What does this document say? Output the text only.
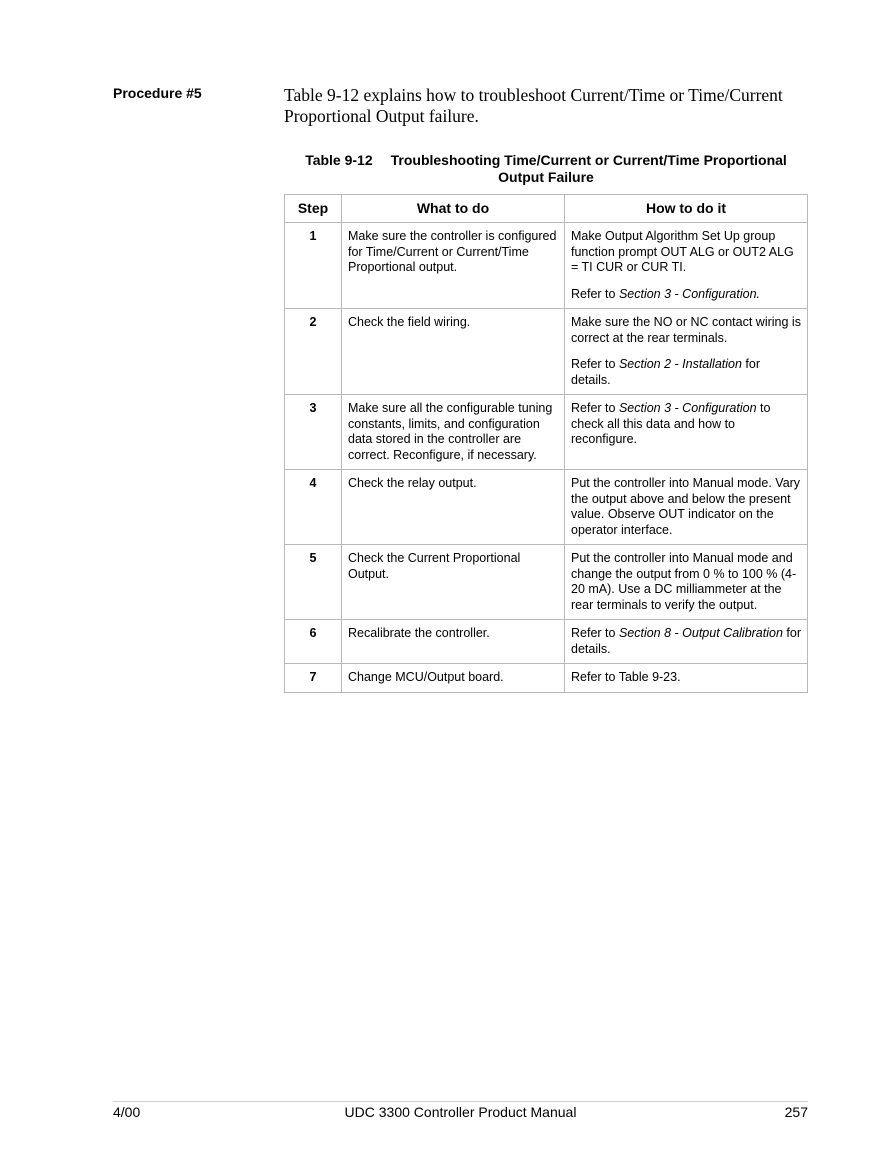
Procedure #5	Table 9-12 explains how to troubleshoot Current/Time or Time/Current Proportional Output failure.
Table 9-12 Troubleshooting Time/Current or Current/Time Proportional Output Failure
Step	What to do	How to do it
1	Make sure the controller is configured for Time/Current or Current/Time Proportional output.	Make Output Algorithm Set Up group function prompt OUT ALG or OUT2 ALG = TI CUR or CUR TI.

Refer to Section 3 - Configuration.

2	Check the field wiring.	Make sure the NO or NC contact wiring is correct at the rear terminals.

Refer to Section 2 - Installation for details.

3	Make sure all the configurable tuning constants, limits, and configuration data stored in the controller are correct. Reconfigure, if necessary.	Refer to Section 3 - Configuration to check all this data and how to reconfigure.

4	Check the relay output.	Put the controller into Manual mode. Vary the output above and below the present value. Observe OUT indicator on the operator interface.

5	Check the Current Proportional Output.	Put the controller into Manual mode and change the output from 0 % to 100 % (4-20 mA). Use a DC milliammeter at the rear terminals to verify the output.

6	Recalibrate the controller.	Refer to Section 8 - Output Calibration for details.

7	Change MCU/Output board.	Refer to Table 9-23.

4/00	UDC 3300 Controller Product Manual	257
